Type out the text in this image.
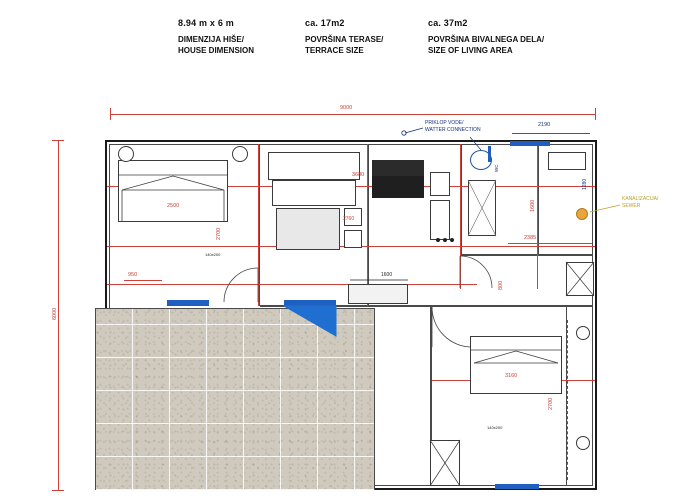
8.94 m x 6 m
DIMENZIJA HIŠE/
HOUSE DIMENSION
ca. 17m2
POVRŠINA TERASE/
TERRACE SIZE
ca. 37m2
POVRŠINA BIVALNEGA DELA/
SIZE OF LIVING AREA
9000
6000
2500
2700
140x200
950
2760
3680
WC
2190
1280
1600
2385
PRIKLOP VODE/
WATTER CONNECTION
KANALIZACIJA/
SEWER
1600
800
3160
2700
140x200
